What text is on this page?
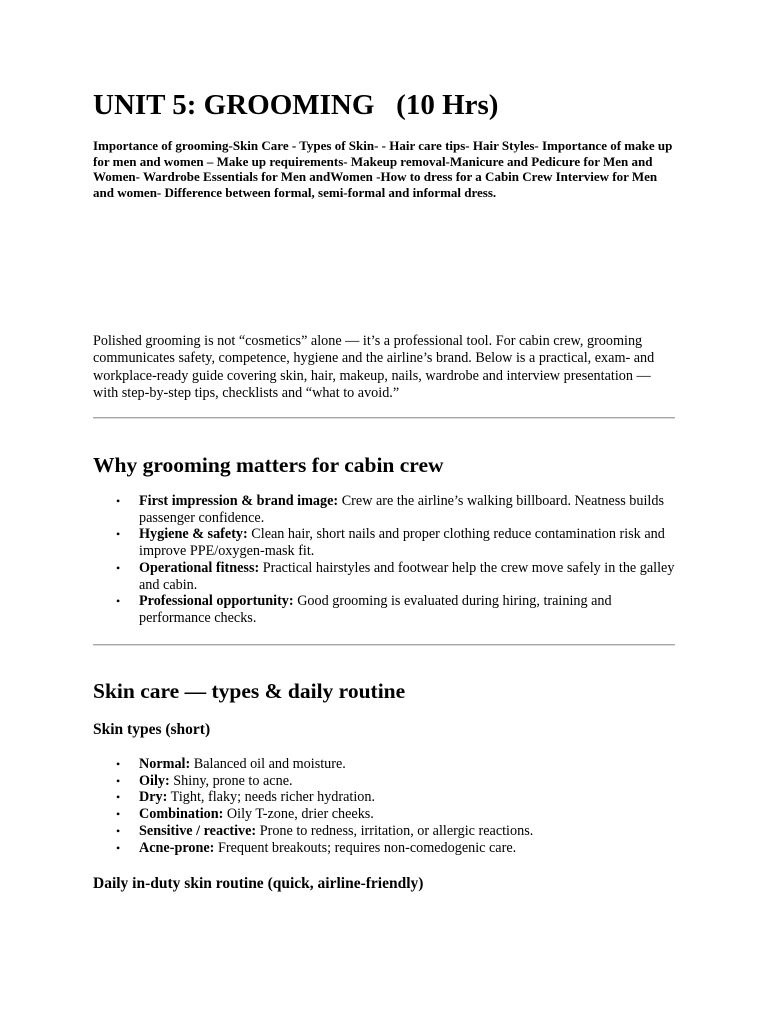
UNIT 5: GROOMING   (10 Hrs)

Importance of grooming-Skin Care - Types of Skin- - Hair care tips- Hair Styles- Importance of make up for men and women – Make up requirements- Makeup removal-Manicure and Pedicure for Men and Women- Wardrobe Essentials for Men andWomen -How to dress for a Cabin Crew Interview for Men and women- Difference between formal, semi-formal and informal dress.

Polished grooming is not “cosmetics” alone — it’s a professional tool. For cabin crew, grooming communicates safety, competence, hygiene and the airline’s brand. Below is a practical, exam- and workplace-ready guide covering skin, hair, makeup, nails, wardrobe and interview presentation — with step-by-step tips, checklists and “what to avoid.”

Why grooming matters for cabin crew
• First impression & brand image: Crew are the airline’s walking billboard. Neatness builds passenger confidence.
• Hygiene & safety: Clean hair, short nails and proper clothing reduce contamination risk and improve PPE/oxygen-mask fit.
• Operational fitness: Practical hairstyles and footwear help the crew move safely in the galley and cabin.
• Professional opportunity: Good grooming is evaluated during hiring, training and performance checks.
Skin care — types & daily routine
Skin types (short)
• Normal: Balanced oil and moisture.
• Oily: Shiny, prone to acne.
• Dry: Tight, flaky; needs richer hydration.
• Combination: Oily T-zone, drier cheeks.
• Sensitive / reactive: Prone to redness, irritation, or allergic reactions.
• Acne-prone: Frequent breakouts; requires non-comedogenic care.
Daily in-duty skin routine (quick, airline-friendly)
